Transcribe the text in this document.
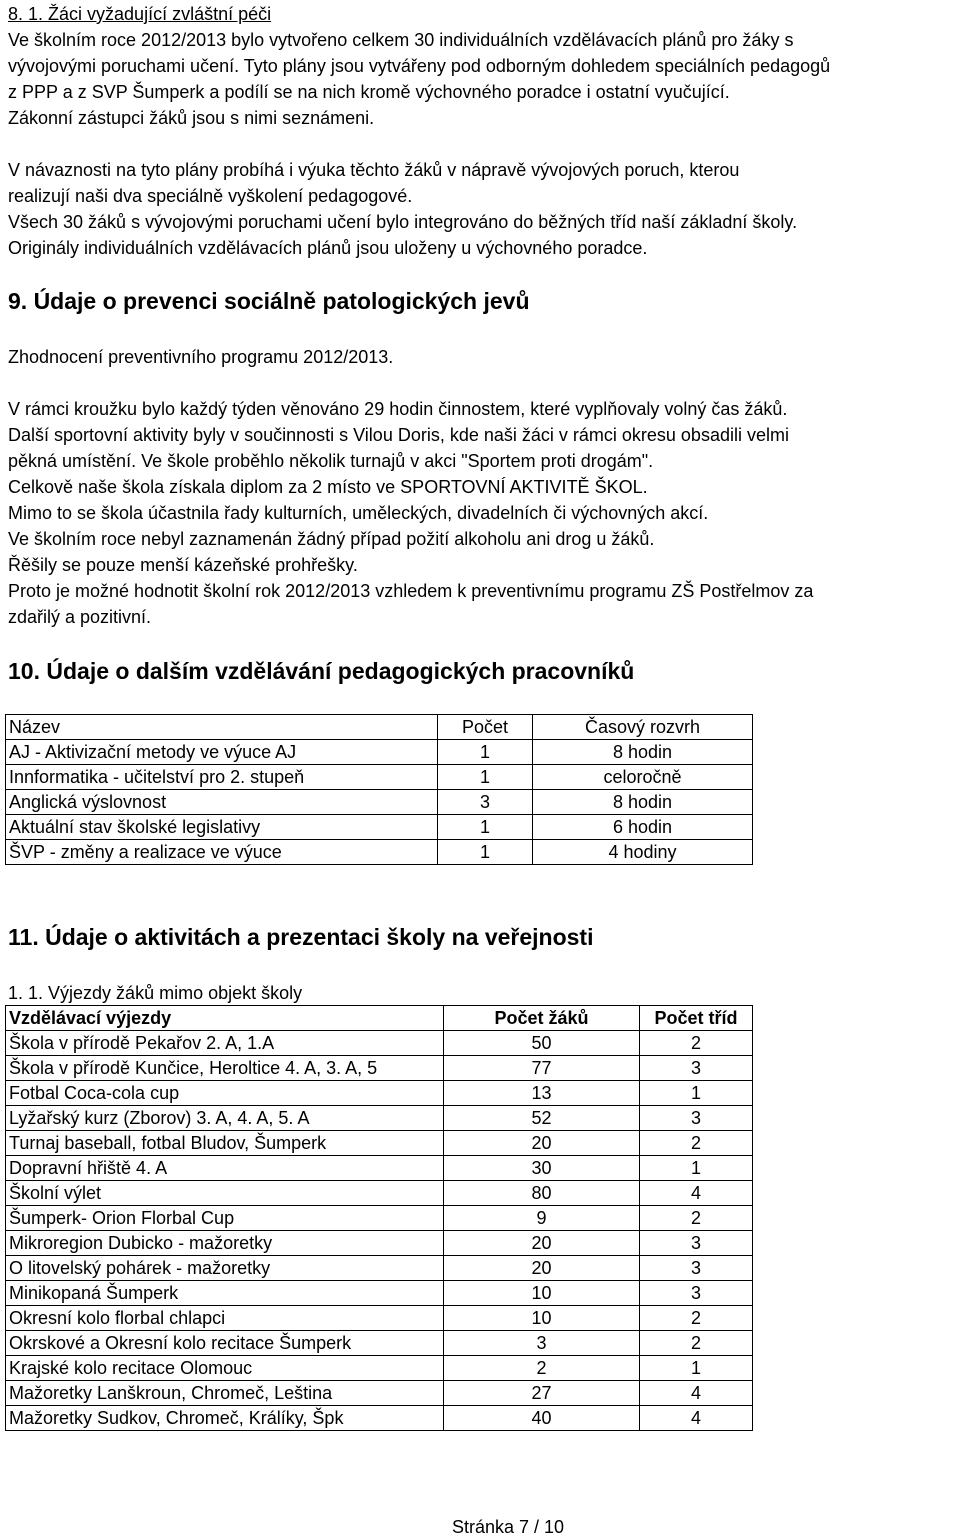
8. 1. Žáci vyžadující zvláštní péči
Ve školním roce 2012/2013 bylo vytvořeno celkem 30 individuálních vzdělávacích plánů pro žáky s
vývojovými poruchami učení. Tyto plány jsou vytvářeny pod odborným dohledem speciálních pedagogů
z PPP a z SVP Šumperk a podílí se na nich kromě výchovného poradce i ostatní vyučující.
Zákonní zástupci žáků jsou s nimi seznámeni.
V návaznosti na tyto plány probíhá i výuka těchto žáků v nápravě vývojových poruch, kterou
realizují naši dva speciálně vyškolení pedagogové.
Všech 30 žáků s vývojovými poruchami učení bylo integrováno do běžných tříd naší základní školy.
Originály individuálních vzdělávacích plánů jsou uloženy u výchovného poradce.
9. Údaje o prevenci sociálně patologických jevů
Zhodnocení preventivního programu 2012/2013.
V rámci kroužku bylo každý týden věnováno 29 hodin činnostem, které vyplňovaly volný čas žáků.
Další sportovní aktivity byly v součinnosti s Vilou Doris, kde naši žáci v rámci okresu obsadili velmi
pěkná umístění. Ve škole proběhlo několik turnajů v akci "Sportem proti drogám".
Celkově naše škola získala diplom za 2 místo ve SPORTOVNÍ AKTIVITĚ ŠKOL.
Mimo to se škola účastnila řady kulturních, uměleckých, divadelních či výchovných akcí.
Ve školním roce nebyl zaznamenán žádný případ požití alkoholu ani drog u žáků.
Řěšily se pouze menší kázeňské prohřešky.
Proto je možné hodnotit školní rok 2012/2013 vzhledem k preventivnímu programu ZŠ Postřelmov za
zdařilý a pozitivní.
10. Údaje o dalším vzdělávání pedagogických pracovníků
Název	Počet	Časový rozvrh
AJ - Aktivizační metody ve výuce AJ	1	8 hodin
Innformatika - učitelství pro 2. stupeň	1	celoročně
Anglická výslovnost	3	8 hodin
Aktuální stav školské legislativy	1	6 hodin
ŠVP - změny a realizace ve výuce	1	4 hodiny
11. Údaje o aktivitách a prezentaci školy na veřejnosti
1. 1. Výjezdy žáků mimo objekt školy
Vzdělávací výjezdy	Počet žáků	Počet tříd
Škola v přírodě Pekařov 2. A, 1.A	50	2
Škola v přírodě Kunčice, Heroltice 4. A, 3. A, 5	77	3
Fotbal Coca-cola cup	13	1
Lyžařský kurz (Zborov) 3. A, 4. A, 5. A	52	3
Turnaj baseball, fotbal Bludov, Šumperk	20	2
Dopravní hřiště 4. A	30	1
Školní výlet	80	4
Šumperk- Orion Florbal Cup	9	2
Mikroregion Dubicko - mažoretky	20	3
O litovelský pohárek - mažoretky	20	3
Minikopaná Šumperk	10	3
Okresní kolo florbal chlapci	10	2
Okrskové a Okresní kolo recitace Šumperk	3	2
Krajské kolo recitace Olomouc	2	1
Mažoretky Lanškroun, Chromeč, Leština	27	4
Mažoretky Sudkov, Chromeč, Králíky, Špk	40	4
Stránka 7 / 10
